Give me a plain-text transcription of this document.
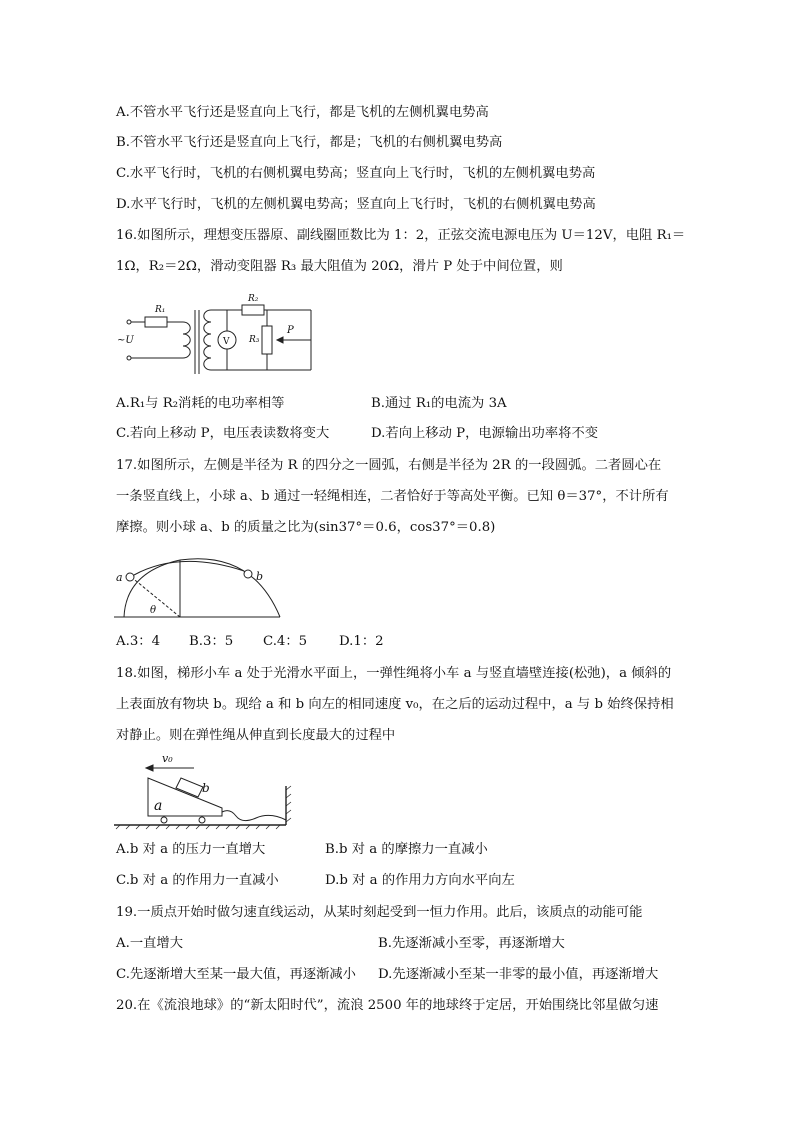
A.不管水平飞行还是竖直向上飞行，都是飞机的左侧机翼电势高
B.不管水平飞行还是竖直向上飞行，都是；飞机的右侧机翼电势高
C.水平飞行时，飞机的右侧机翼电势高；竖直向上飞行时，飞机的左侧机翼电势高
D.水平飞行时，飞机的左侧机翼电势高；竖直向上飞行时，飞机的右侧机翼电势高
16.如图所示，理想变压器原、副线圈匝数比为 1：2，正弦交流电源电压为 U＝12V，电阻 R₁＝
1Ω，R₂＝2Ω，滑动变阻器 R₃ 最大阻值为 20Ω，滑片 P 处于中间位置，则
R₁
R₂
R₃
P
~U	V
A.R₁与 R₂消耗的电功率相等	B.通过 R₁的电流为 3A
C.若向上移动 P，电压表读数将变大	D.若向上移动 P，电源输出功率将不变
17.如图所示，左侧是半径为 R 的四分之一圆弧，右侧是半径为 2R 的一段圆弧。二者圆心在
一条竖直线上，小球 a、b 通过一轻绳相连，二者恰好于等高处平衡。已知 θ＝37°，不计所有
摩擦。则小球 a、b 的质量之比为(sin37°＝0.6，cos37°＝0.8)
a	b
θ
A.3：4 B.3：5 C.4：5 D.1：2
18.如图，梯形小车 a 处于光滑水平面上，一弹性绳将小车 a 与竖直墙壁连接(松弛)，a 倾斜的
上表面放有物块 b。现给 a 和 b 向左的相同速度 v₀，在之后的运动过程中，a 与 b 始终保持相
对静止。则在弹性绳从伸直到长度最大的过程中
v₀
a
b
A.b 对 a 的压力一直增大	B.b 对 a 的摩擦力一直减小
C.b 对 a 的作用力一直减小	D.b 对 a 的作用力方向水平向左
19.一质点开始时做匀速直线运动，从某时刻起受到一恒力作用。此后，该质点的动能可能
A.一直增大	B.先逐渐减小至零，再逐渐增大
C.先逐渐增大至某一最大值，再逐渐减小 D.先逐渐减小至某一非零的最小值，再逐渐增大
20.在《流浪地球》的“新太阳时代”，流浪 2500 年的地球终于定居，开始围绕比邻星做匀速
